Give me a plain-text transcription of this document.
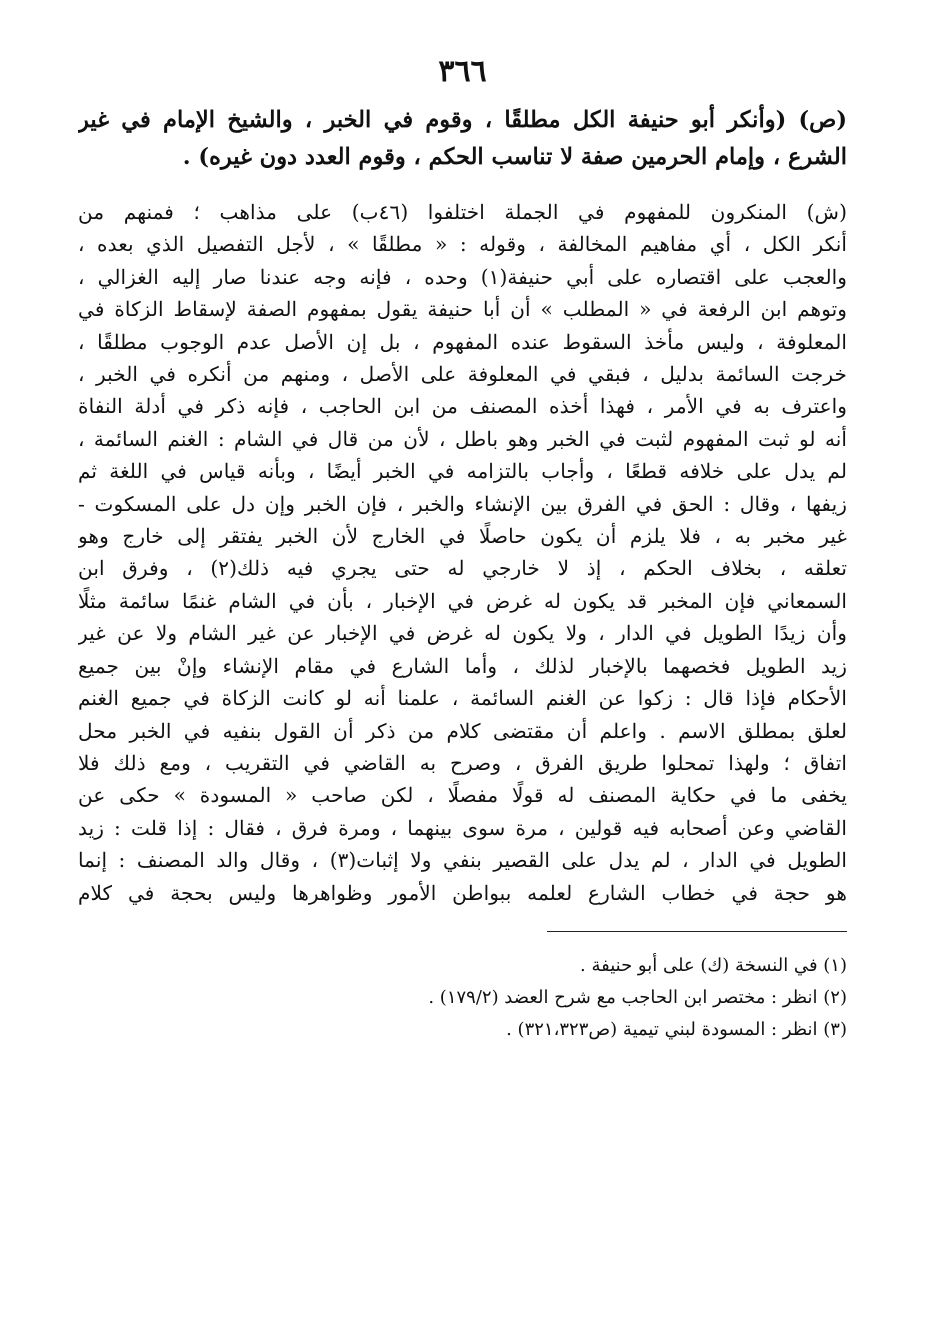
٣٦٦
(ص) (وأنكر أبو حنيفة الكل مطلقًا ، وقوم في الخبر ، والشيخ الإمام في غير
الشرع ، وإمام الحرمين صفة لا تناسب الحكم ، وقوم العدد دون غيره) .
(ش) المنكرون للمفهوم في الجملة اختلفوا (٤٦ب) على مذاهب ؛ فمنهم من
أنكر الكل ، أي مفاهيم المخالفة ، وقوله : « مطلقًا » ، لأجل التفصيل الذي بعده ،
والعجب على اقتصاره على أبي حنيفة(١) وحده ، فإنه وجه عندنا صار إليه الغزالي ،
وتوهم ابن الرفعة في « المطلب » أن أبا حنيفة يقول بمفهوم الصفة لإسقاط الزكاة في
المعلوفة ، وليس مأخذ السقوط عنده المفهوم ، بل إن الأصل عدم الوجوب مطلقًا ،
خرجت السائمة بدليل ، فبقي في المعلوفة على الأصل ، ومنهم من أنكره في الخبر ،
واعترف به في الأمر ، فهذا أخذه المصنف من ابن الحاجب ، فإنه ذكر في أدلة النفاة
أنه لو ثبت المفهوم لثبت في الخبر وهو باطل ، لأن من قال في الشام : الغنم السائمة ،
لم يدل على خلافه قطعًا ، وأجاب بالتزامه في الخبر أيضًا ، وبأنه قياس في اللغة ثم
زيفها ، وقال : الحق في الفرق بين الإنشاء والخبر ، فإن الخبر وإن دل على المسكوت -
غير مخبر به ، فلا يلزم أن يكون حاصلًا في الخارج لأن الخبر يفتقر إلى خارج وهو
تعلقه ، بخلاف الحكم ، إذ لا خارجي له حتى يجري فيه ذلك(٢) ، وفرق ابن
السمعاني فإن المخبر قد يكون له غرض في الإخبار ، بأن في الشام غنمًا سائمة مثلًا
وأن زيدًا الطويل في الدار ، ولا يكون له غرض في الإخبار عن غير الشام ولا عن غير
زيد الطويل فخصهما بالإخبار لذلك ، وأما الشارع في مقام الإنشاء وإنْ بين جميع
الأحكام فإذا قال : زكوا عن الغنم السائمة ، علمنا أنه لو كانت الزكاة في جميع الغنم
لعلق بمطلق الاسم . واعلم أن مقتضى كلام من ذكر أن القول بنفيه في الخبر محل
اتفاق ؛ ولهذا تمحلوا طريق الفرق ، وصرح به القاضي في التقريب ، ومع ذلك فلا
يخفى ما في حكاية المصنف له قولًا مفصلًا ، لكن صاحب « المسودة » حكى عن
القاضي وعن أصحابه فيه قولين ، مرة سوى بينهما ، ومرة فرق ، فقال : إذا قلت : زيد
الطويل في الدار ، لم يدل على القصير بنفي ولا إثبات(٣) ، وقال والد المصنف : إنما
هو حجة في خطاب الشارع لعلمه ببواطن الأمور وظواهرها وليس بحجة في كلام
(١) في النسخة (ك) على أبو حنيفة .
(٢) انظر : مختصر ابن الحاجب مع شرح العضد (١٧٩/٢) .
(٣) انظر : المسودة لبني تيمية (ص٣٢١،٣٢٣) .
